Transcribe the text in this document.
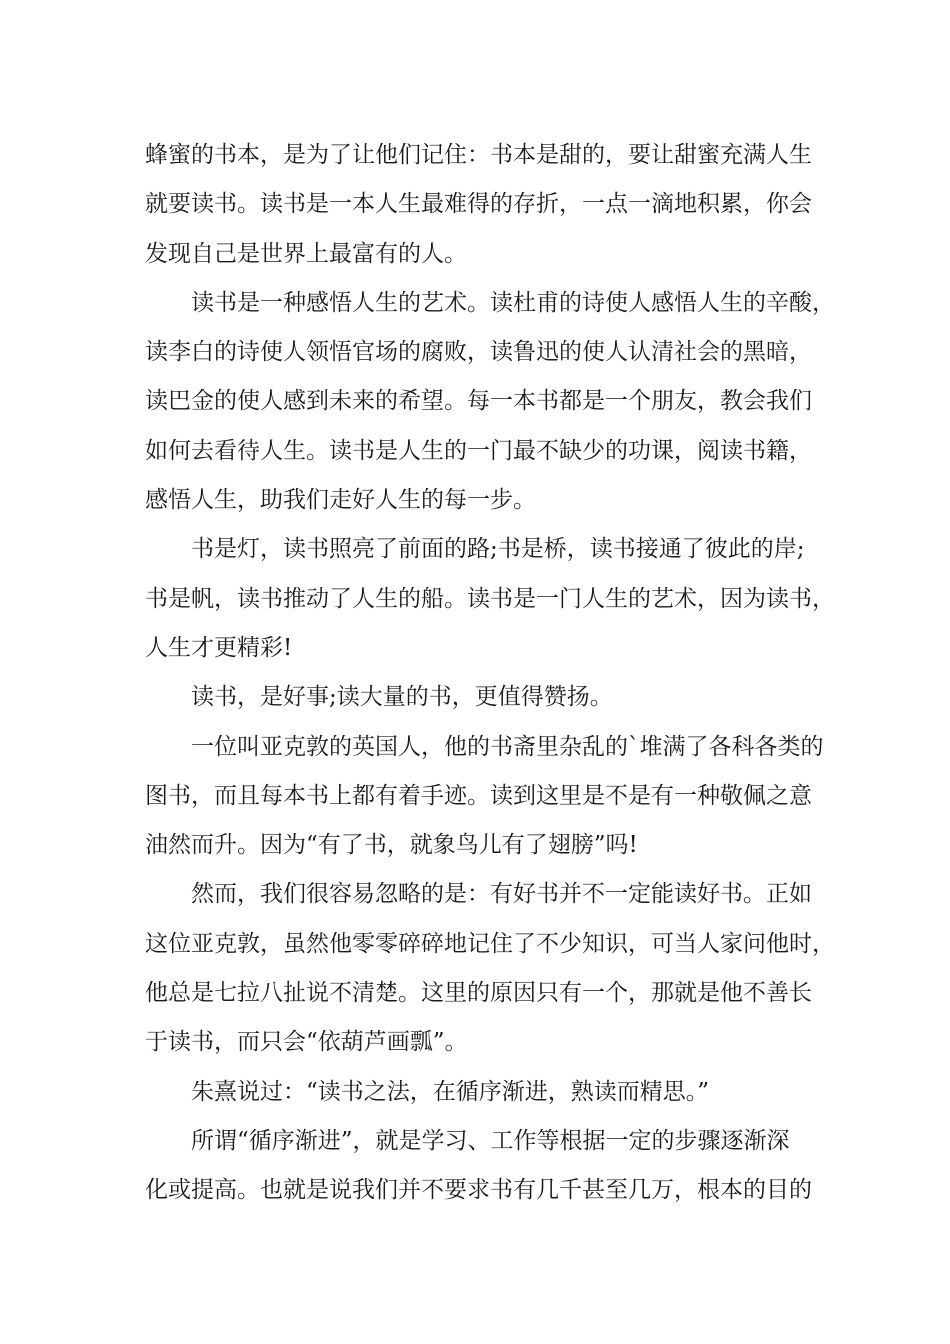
蜂蜜的书本，是为了让他们记住：书本是甜的，要让甜蜜充满人生
就要读书。读书是一本人生最难得的存折，一点一滴地积累，你会
发现自己是世界上最富有的人。
读书是一种感悟人生的艺术。读杜甫的诗使人感悟人生的辛酸，
读李白的诗使人领悟官场的腐败，读鲁迅的使人认清社会的黑暗，
读巴金的使人感到未来的希望。每一本书都是一个朋友，教会我们
如何去看待人生。读书是人生的一门最不缺少的功课，阅读书籍，
感悟人生，助我们走好人生的每一步。
书是灯，读书照亮了前面的路;书是桥，读书接通了彼此的岸;
书是帆，读书推动了人生的船。读书是一门人生的艺术，因为读书，
人生才更精彩!
读书，是好事;读大量的书，更值得赞扬。
一位叫亚克敦的英国人，他的书斋里杂乱的`堆满了各科各类的
图书，而且每本书上都有着手迹。读到这里是不是有一种敬佩之意
油然而升。因为“有了书，就象鸟儿有了翅膀”吗!
然而，我们很容易忽略的是：有好书并不一定能读好书。正如
这位亚克敦，虽然他零零碎碎地记住了不少知识，可当人家问他时，
他总是七拉八扯说不清楚。这里的原因只有一个，那就是他不善长
于读书，而只会“依葫芦画瓢”。
朱熹说过：“读书之法，在循序渐进，熟读而精思。”
所谓“循序渐进”，就是学习、工作等根据一定的步骤逐渐深
化或提高。也就是说我们并不要求书有几千甚至几万，根本的目的
